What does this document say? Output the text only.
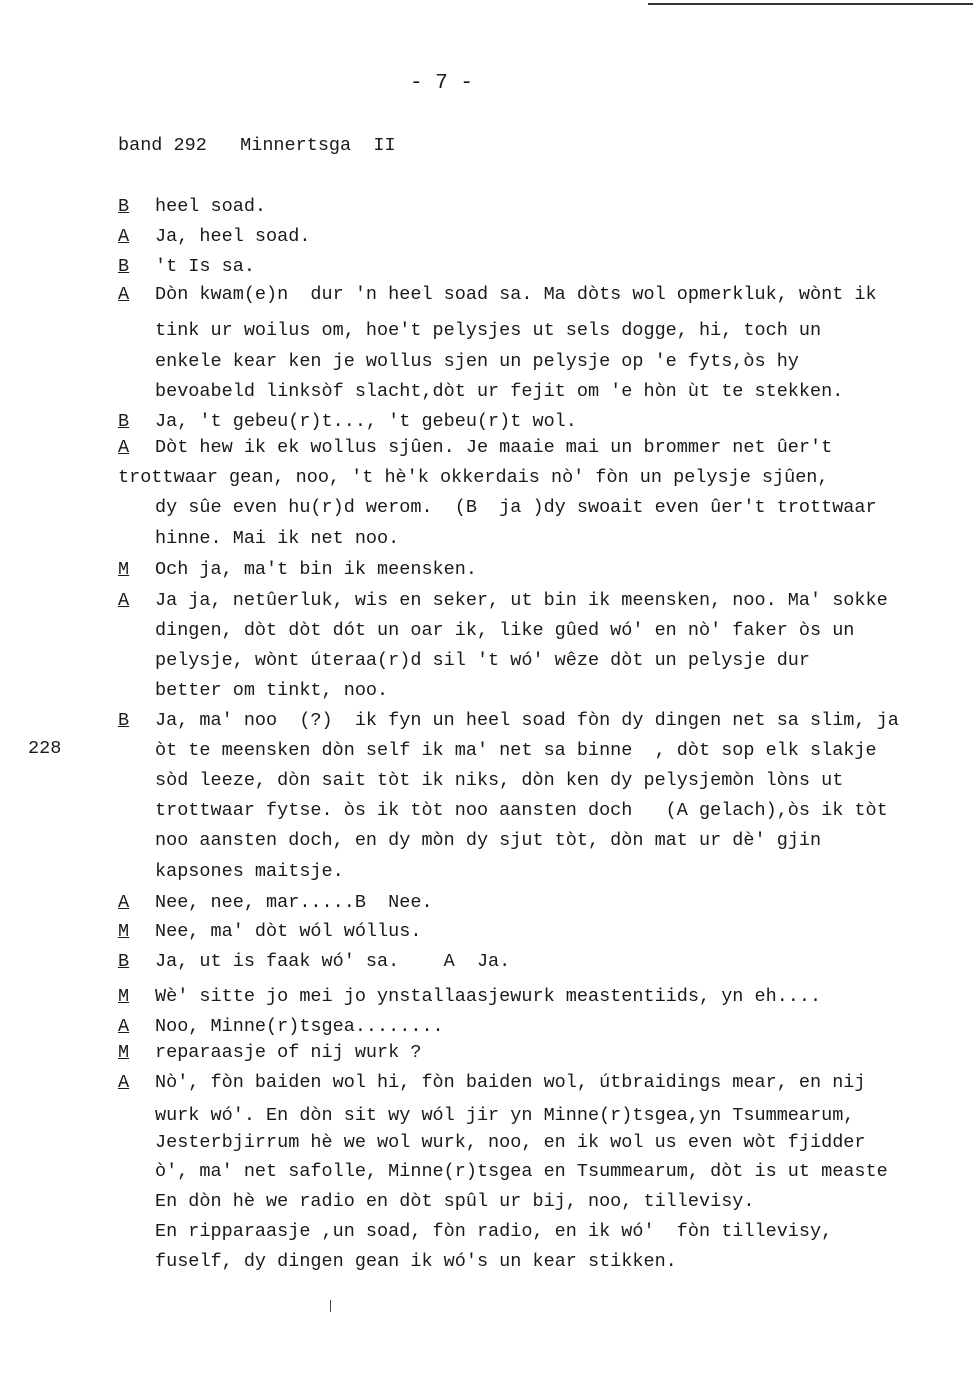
- 7 -
band 292   Minnertsga  II
228
B heel soad.
A Ja, heel soad.
B 't Is sa.
A Dòn kwam(e)n  dur 'n heel soad sa. Ma dòts wol opmerkluk, wònt ik
tink ur woilus om, hoe't pelysjes ut sels dogge, hi, toch un
enkele kear ken je wollus sjen un pelysje op 'e fyts,òs hy
bevoabeld linksòf slacht,dòt ur fejit om 'e hòn ùt te stekken.
B Ja, 't gebeu(r)t..., 't gebeu(r)t wol.
A Dòt hew ik ek wollus sjûen. Je maaie mai un brommer net ûer't
trottwaar gean, noo, 't hè'k okkerdais nò' fòn un pelysje sjûen,
dy sûe even hu(r)d werom.  (B  ja )dy swoait even ûer't trottwaar
hinne. Mai ik net noo.
M Och ja, ma't bin ik meensken.
A Ja ja, netûerluk, wis en seker, ut bin ik meensken, noo. Ma' sokke
dingen, dòt dòt dót un oar ik, like gûed wó' en nò' faker òs un
pelysje, wònt úteraa(r)d sil 't wó' wêze dòt un pelysje dur
better om tinkt, noo.
B Ja, ma' noo  (?)  ik fyn un heel soad fòn dy dingen net sa slim, ja
òt te meensken dòn self ik ma' net sa binne  , dòt sop elk slakje
sòd leeze, dòn sait tòt ik niks, dòn ken dy pelysjemòn lòns ut
trottwaar fytse. òs ik tòt noo aansten doch   (A gelach),òs ik tòt
noo aansten doch, en dy mòn dy sjut tòt, dòn mat ur dè' gjin
kapsones maitsje.
A Nee, nee, mar.....B  Nee.
M Nee, ma' dòt wól wóllus.
B Ja, ut is faak wó' sa.    A  Ja.
M Wè' sitte jo mei jo ynstallaasjewurk meastentiids, yn eh....
A Noo, Minne(r)tsgea........
M reparaasje of nij wurk ?
A Nò', fòn baiden wol hi, fòn baiden wol, útbraidings mear, en nij
wurk wó'. En dòn sit wy wól jir yn Minne(r)tsgea,yn Tsummearum,
Jesterbjirrum hè we wol wurk, noo, en ik wol us even wòt fjidder
ò', ma' net safolle, Minne(r)tsgea en Tsummearum, dòt is ut measte
En dòn hè we radio en dòt spûl ur bij, noo, tillevisy.
En ripparaasje ,un soad, fòn radio, en ik wó'  fòn tillevisy,
fuself, dy dingen gean ik wó's un kear stikken.
